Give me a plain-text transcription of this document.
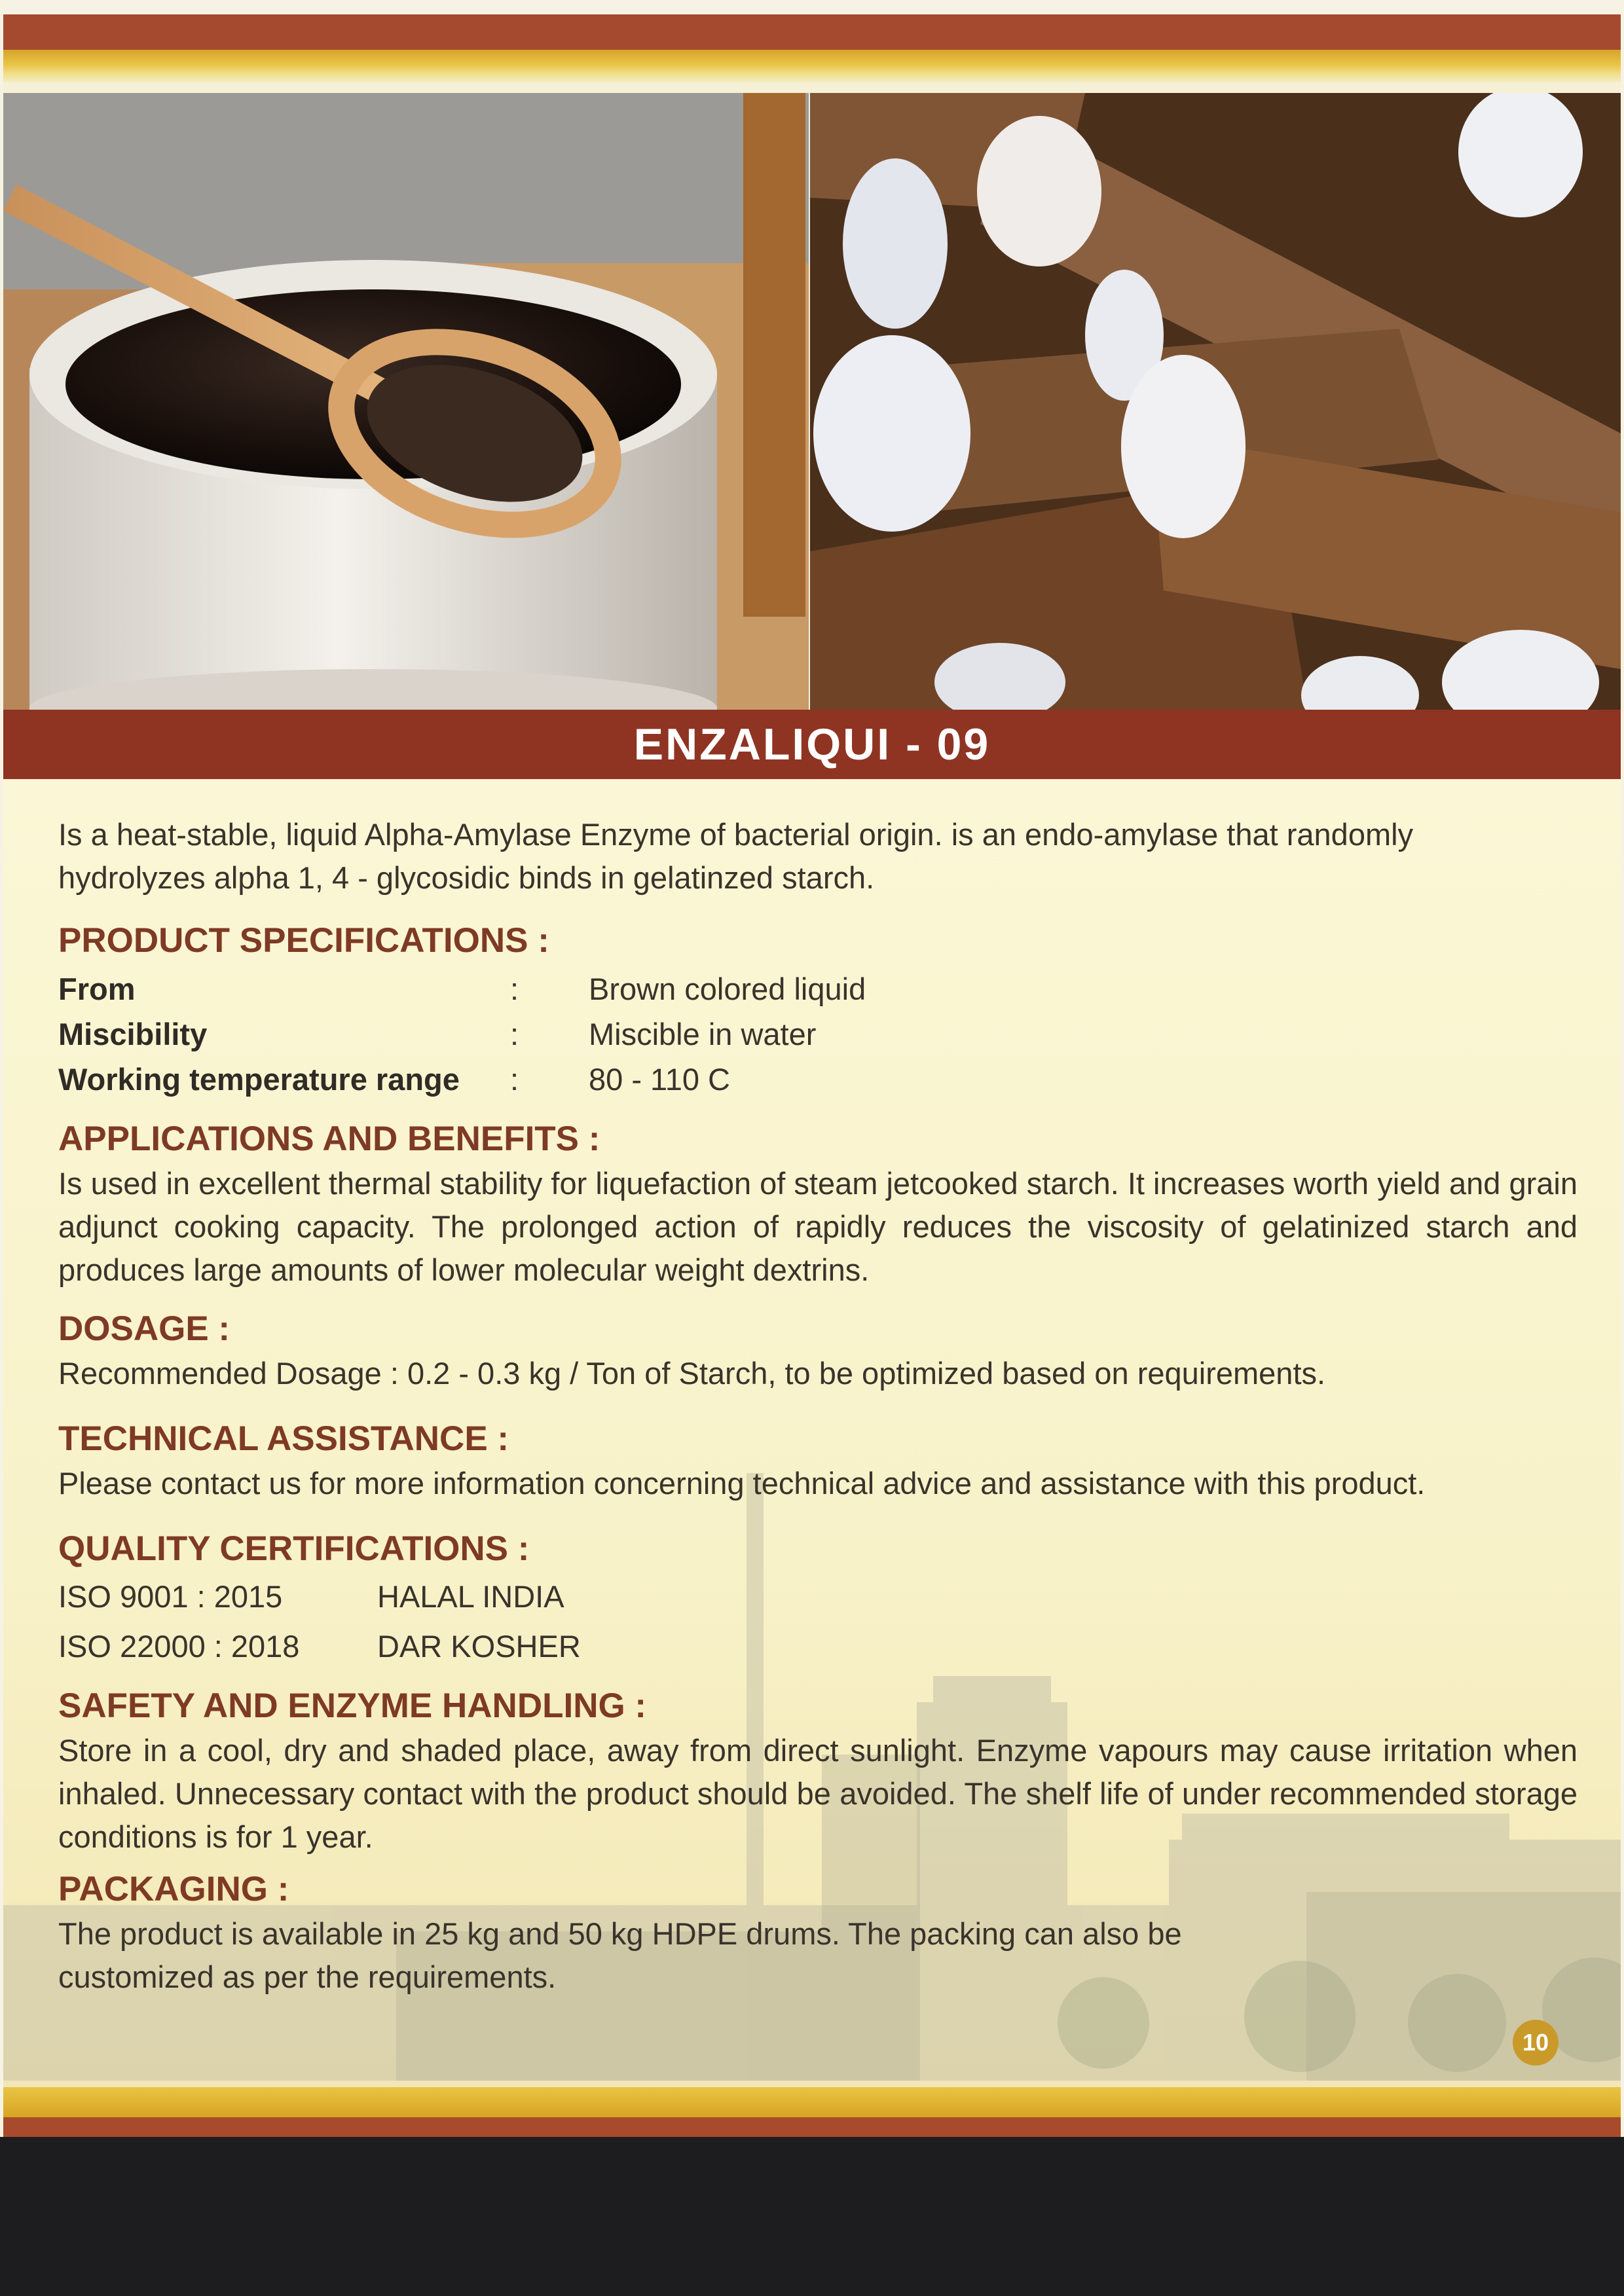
ENZALIQUI - 09

Is a heat-stable, liquid Alpha-Amylase Enzyme of bacterial origin. is an endo-amylase that randomly hydrolyzes alpha 1, 4 - glycosidic binds in gelatinzed starch.

PRODUCT SPECIFICATIONS :

From	:	Brown colored liquid
Miscibility	:	Miscible in water
Working temperature range	:	80 - 110 C

APPLICATIONS AND BENEFITS :

Is used in excellent thermal stability for liquefaction of steam jetcooked starch. It increases worth yield and grain adjunct cooking capacity. The prolonged action of rapidly reduces the viscosity of gelatinized starch and produces large amounts of lower molecular weight dextrins.

DOSAGE :

Recommended Dosage : 0.2 - 0.3 kg / Ton of Starch, to be optimized based on requirements.

TECHNICAL ASSISTANCE :

Please contact us for more information concerning technical advice and assistance with this product.

QUALITY CERTIFICATIONS :

ISO 9001 : 2015	HALAL INDIA
ISO 22000 : 2018	DAR KOSHER

SAFETY AND ENZYME HANDLING :

Store in a cool, dry and shaded place, away from direct sunlight. Enzyme vapours may cause irritation when inhaled. Unnecessary contact with the product should be avoided. The shelf life of under recommended storage conditions is for 1 year.

PACKAGING :

The product is available in 25 kg and 50 kg HDPE drums. The packing can also be

customized as per the requirements.

10
